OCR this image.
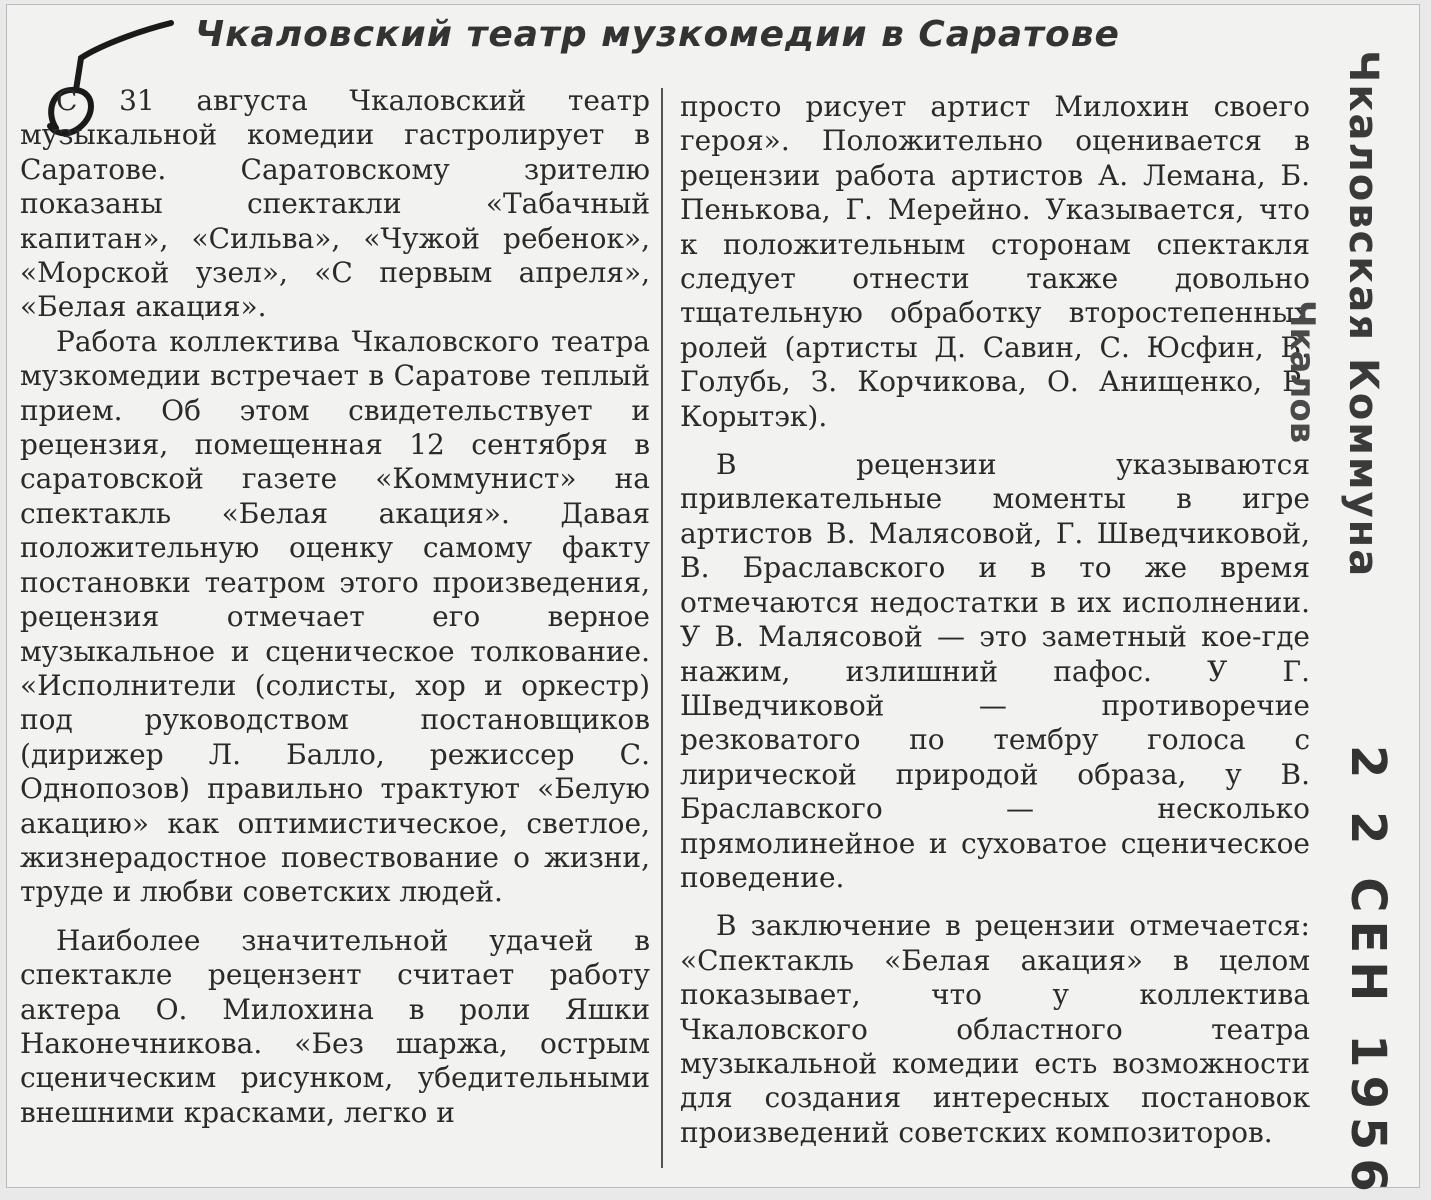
Чкаловский театр музкомедии в Саратове

С 31 августа Чкаловский театр музыкальной комедии гастролирует в Саратове. Саратовскому зрителю показаны спектакли «Табачный капитан», «Сильва», «Чужой ребенок», «Морской узел», «С первым апреля», «Белая акация».

Работа коллектива Чкаловского театра музкомедии встречает в Саратове теплый прием. Об этом свидетельствует и рецензия, помещенная 12 сентября в саратовской газете «Коммунист» на спектакль «Белая акация». Давая положительную оценку самому факту постановки театром этого произведения, рецензия отмечает его верное музыкальное и сценическое толкование. «Исполнители (солисты, хор и оркестр) под руководством постановщиков (дирижер Л. Балло, режиссер С. Однопозов) правильно трактуют «Белую акацию» как оптимистическое, светлое, жизнерадостное повествование о жизни, труде и любви советских людей.

Наиболее значительной удачей в спектакле рецензент считает работу актера О. Милохина в роли Яшки Наконечникова. «Без шаржа, острым сценическим рисунком, убедительными внешними красками, легко и

просто рисует артист Милохин своего героя». Положительно оценивается в рецензии работа артистов А. Лемана, Б. Пенькова, Г. Мерейно. Указывается, что к положительным сторонам спектакля следует отнести также довольно тщательную обработку второстепенных ролей (артисты Д. Савин, С. Юсфин, В. Голубь, З. Корчикова, О. Анищенко, Р. Корытэк).

В рецензии указываются привлекательные моменты в игре артистов В. Малясовой, Г. Шведчиковой, В. Браславского и в то же время отмечаются недостатки в их исполнении. У В. Малясовой — это заметный кое-где нажим, излишний пафос. У Г. Шведчиковой — противоречие резковатого по тембру голоса с лирической природой образа, у В. Браславского — несколько прямолинейное и суховатое сценическое поведение.

В заключение в рецензии отмечается: «Спектакль «Белая акация» в целом показывает, что у коллектива Чкаловского областного театра музыкальной комедии есть возможности для создания интересных постановок произведений советских композиторов.

Чкаловская Коммуна
Чкалов
2 2 СЕН 1956
